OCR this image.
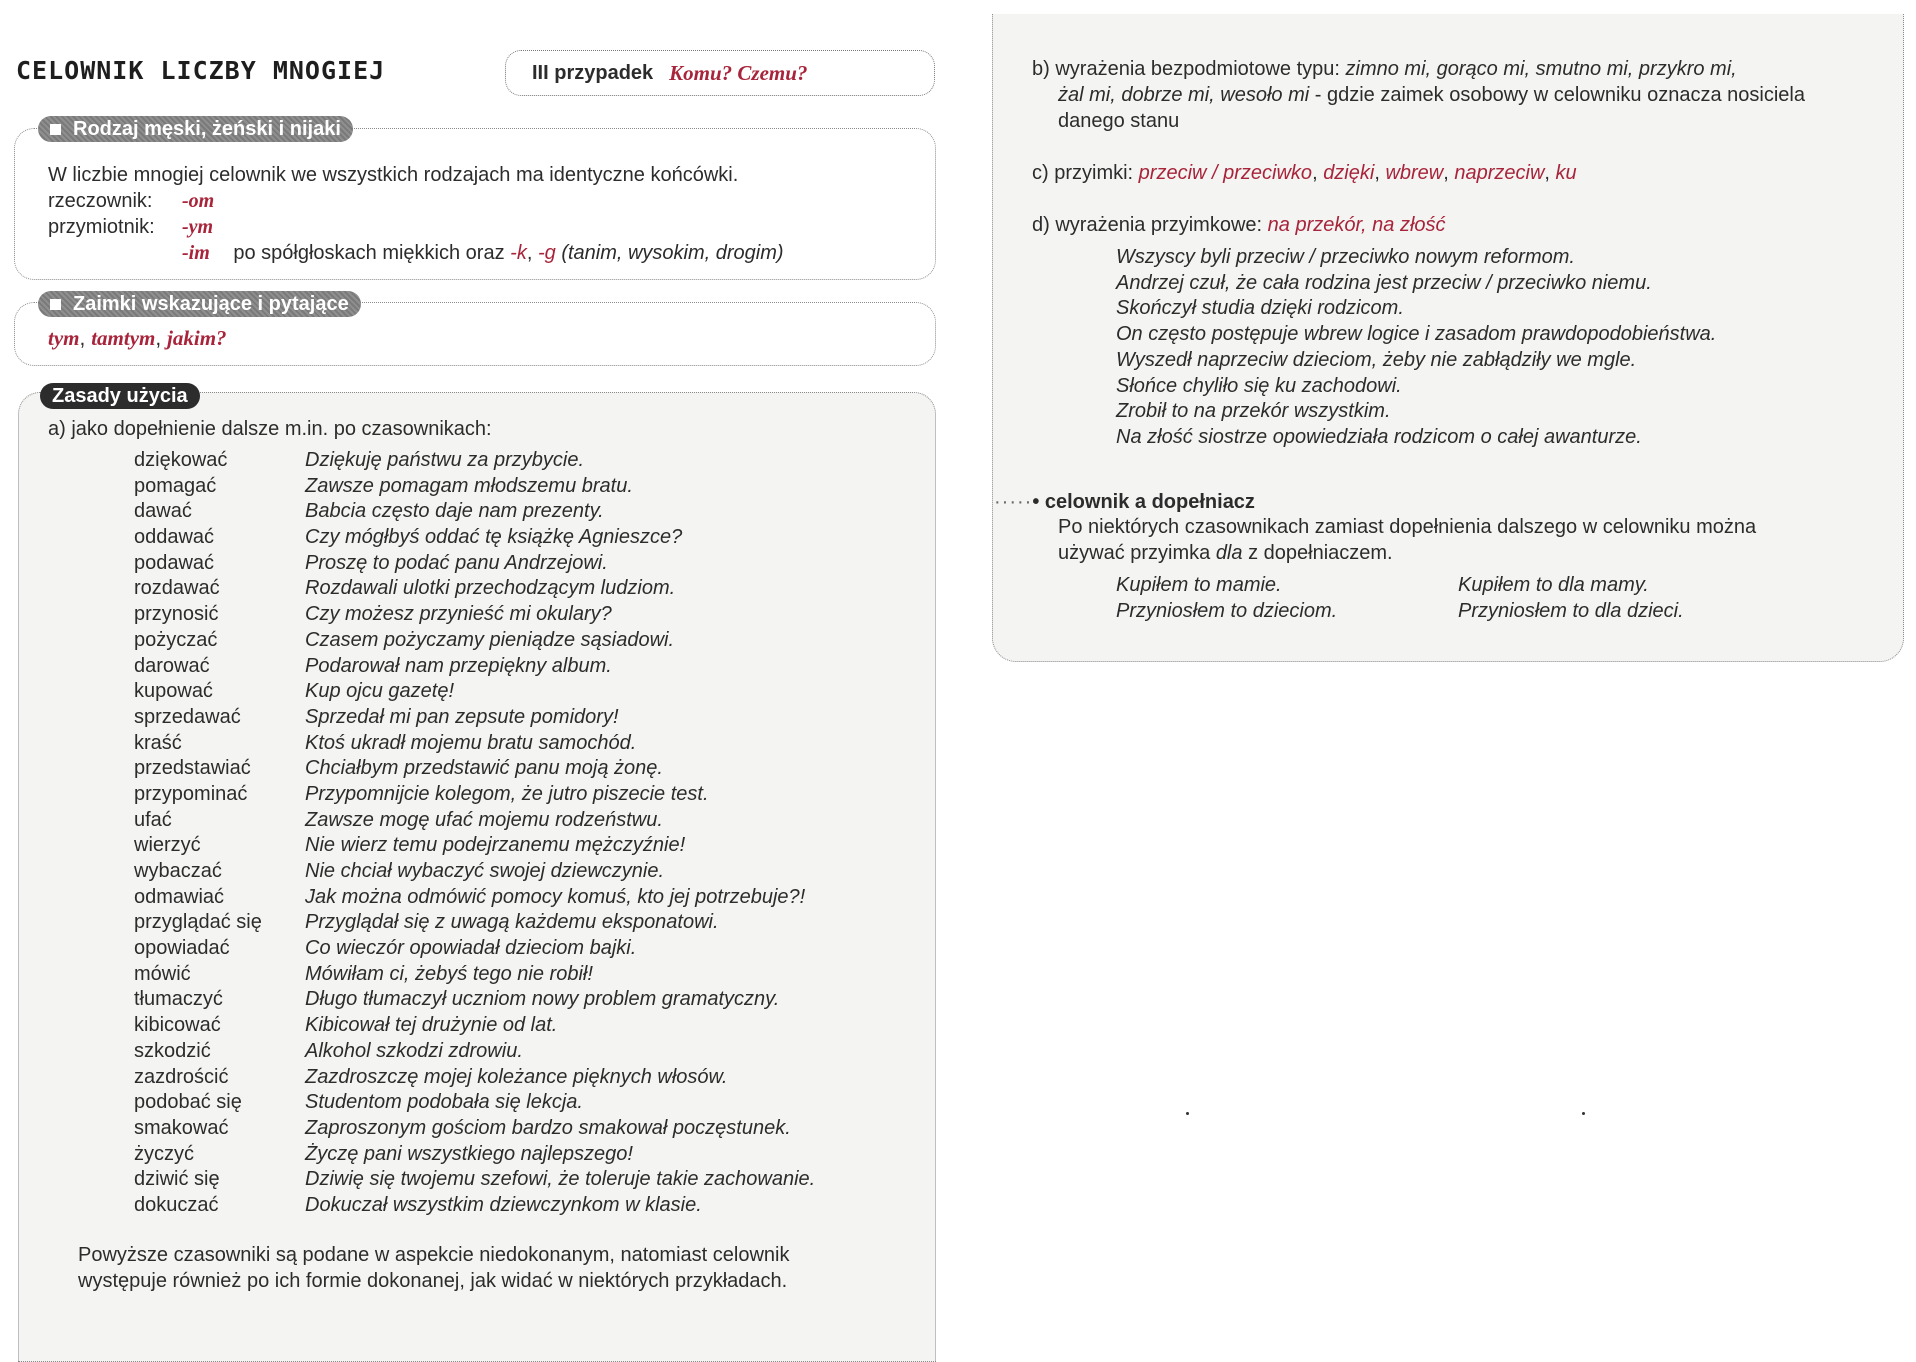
CELOWNIK LICZBY MNOGIEJ	III przypadek Komu? Czemu?
Rodzaj męski, żeński i nijaki
W liczbie mnogiej celownik we wszystkich rodzajach ma identyczne końcówki.
rzeczownik: -om
przymiotnik: -ym
-im po spółgłoskach miękkich oraz -k, -g (tanim, wysokim, drogim)
Zaimki wskazujące i pytające
tym, tamtym, jakim?
Zasady użycia
a) jako dopełnienie dalsze m.in. po czasownikach:
dziękować	Dziękuję państwu za przybycie.
pomagać	Zawsze pomagam młodszemu bratu.
dawać	Babcia często daje nam prezenty.
oddawać	Czy mógłbyś oddać tę książkę Agnieszce?
podawać	Proszę to podać panu Andrzejowi.
rozdawać	Rozdawali ulotki przechodzącym ludziom.
przynosić	Czy możesz przynieść mi okulary?
pożyczać	Czasem pożyczamy pieniądze sąsiadowi.
darować	Podarował nam przepiękny album.
kupować	Kup ojcu gazetę!
sprzedawać	Sprzedał mi pan zepsute pomidory!
kraść	Ktoś ukradł mojemu bratu samochód.
przedstawiać	Chciałbym przedstawić panu moją żonę.
przypominać	Przypomnijcie kolegom, że jutro piszecie test.
ufać	Zawsze mogę ufać mojemu rodzeństwu.
wierzyć	Nie wierz temu podejrzanemu mężczyźnie!
wybaczać	Nie chciał wybaczyć swojej dziewczynie.
odmawiać	Jak można odmówić pomocy komuś, kto jej potrzebuje?!
przyglądać się	Przyglądał się z uwagą każdemu eksponatowi.
opowiadać	Co wieczór opowiadał dzieciom bajki.
mówić	Mówiłam ci, żebyś tego nie robił!
tłumaczyć	Długo tłumaczył uczniom nowy problem gramatyczny.
kibicować	Kibicował tej drużynie od lat.
szkodzić	Alkohol szkodzi zdrowiu.
zazdrościć	Zazdroszczę mojej koleżance pięknych włosów.
podobać się	Studentom podobała się lekcja.
smakować	Zaproszonym gościom bardzo smakował poczęstunek.
życzyć	Życzę pani wszystkiego najlepszego!
dziwić się	Dziwię się twojemu szefowi, że toleruje takie zachowanie.
dokuczać	Dokuczał wszystkim dziewczynkom w klasie.
Powyższe czasowniki są podane w aspekcie niedokonanym, natomiast celownik
występuje również po ich formie dokonanej, jak widać w niektórych przykładach.
b) wyrażenia bezpodmiotowe typu: zimno mi, gorąco mi, smutno mi, przykro mi,
żal mi, dobrze mi, wesoło mi - gdzie zaimek osobowy w celowniku oznacza nosiciela
danego stanu
c) przyimki: przeciw / przeciwko, dzięki, wbrew, naprzeciw, ku
d) wyrażenia przyimkowe: na przekór, na złość
Wszyscy byli przeciw / przeciwko nowym reformom.
Andrzej czuł, że cała rodzina jest przeciw / przeciwko niemu.
Skończył studia dzięki rodzicom.
On często postępuje wbrew logice i zasadom prawdopodobieństwa.
Wyszedł naprzeciw dzieciom, żeby nie zabłądziły we mgle.
Słońce chyliło się ku zachodowi.
Zrobił to na przekór wszystkim.
Na złość siostrze opowiedziała rodzicom o całej awanturze.
·····• celownik a dopełniacz
Po niektórych czasownikach zamiast dopełnienia dalszego w celowniku można
używać przyimka dla z dopełniaczem.
Kupiłem to mamie.	Kupiłem to dla mamy.
Przyniosłem to dzieciom.	Przyniosłem to dla dzieci.
